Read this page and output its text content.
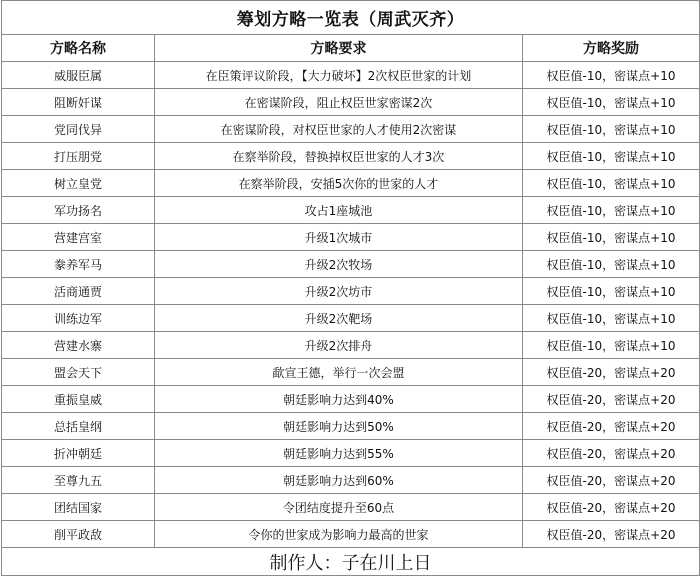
筹划方略一览表（周武灭齐）		
方略名称	方略要求	方略奖励
威服臣属	在臣策评议阶段，【大力破坏】2次权臣世家的计划	权臣值-10，密谋点+10
阻断奸谋	在密谋阶段，阻止权臣世家密谋2次	权臣值-10，密谋点+10
党同伐异	在密谋阶段，对权臣世家的人才使用2次密谋	权臣值-10，密谋点+10
打压朋党	在察举阶段，替换掉权臣世家的人才3次	权臣值-10，密谋点+10
树立皇党	在察举阶段，安插5次你的世家的人才	权臣值-10，密谋点+10
军功扬名	攻占1座城池	权臣值-10，密谋点+10
营建宫室	升级1次城市	权臣值-10，密谋点+10
豢养军马	升级2次牧场	权臣值-10，密谋点+10
活商通贾	升级2次坊市	权臣值-10，密谋点+10
训练边军	升级2次靶场	权臣值-10，密谋点+10
营建水寨	升级2次排舟	权臣值-10，密谋点+10
盟会天下	歃宣王德，举行一次会盟	权臣值-20，密谋点+20
重振皇威	朝廷影响力达到40%	权臣值-20，密谋点+20
总括皇纲	朝廷影响力达到50%	权臣值-20，密谋点+20
折冲朝廷	朝廷影响力达到55%	权臣值-20，密谋点+20
至尊九五	朝廷影响力达到60%	权臣值-20，密谋点+20
团结国家	令团结度提升至60点	权臣值-20，密谋点+20
削平政敌	令你的世家成为影响力最高的世家	权臣值-20，密谋点+20
制作人：子在川上日		
